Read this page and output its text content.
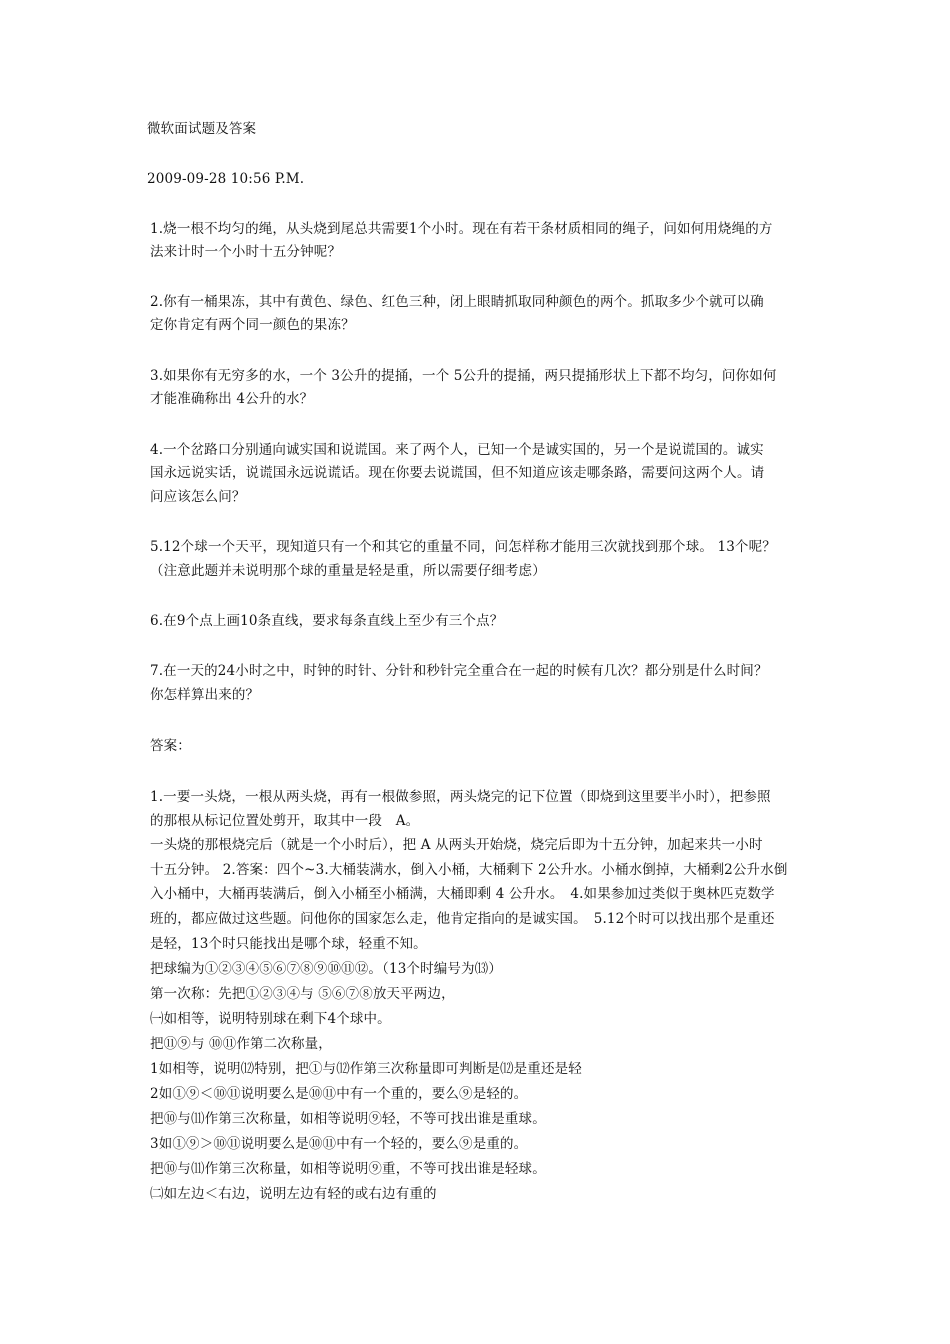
微软面试题及答案
2009-09-28 10:56 P.M.
1.烧一根不均匀的绳，从头烧到尾总共需要1个小时。现在有若干条材质相同的绳子，问如何用烧绳的方
法来计时一个小时十五分钟呢？
2.你有一桶果冻，其中有黄色、绿色、红色三种，闭上眼睛抓取同种颜色的两个。抓取多少个就可以确
定你肯定有两个同一颜色的果冻？
3.如果你有无穷多的水，一个 3公升的提捅，一个 5公升的提捅，两只提捅形状上下都不均匀，问你如何
才能准确称出 4公升的水？
4.一个岔路口分别通向诚实国和说谎国。来了两个人，已知一个是诚实国的，另一个是说谎国的。诚实
国永远说实话，说谎国永远说谎话。现在你要去说谎国，但不知道应该走哪条路，需要问这两个人。请
问应该怎么问？
5.12个球一个天平，现知道只有一个和其它的重量不同，问怎样称才能用三次就找到那个球。 13个呢？
（注意此题并未说明那个球的重量是轻是重，所以需要仔细考虑）
6.在9个点上画10条直线，要求每条直线上至少有三个点？
7.在一天的24小时之中，时钟的时针、分针和秒针完全重合在一起的时候有几次？都分别是什么时间？
你怎样算出来的？
答案：
1.一要一头烧，一根从两头烧，再有一根做参照，两头烧完的记下位置（即烧到这里要半小时），把参照
的那根从标记位置处剪开，取其中一段　A。
一头烧的那根烧完后（就是一个小时后），把 A 从两头开始烧，烧完后即为十五分钟，加起来共一小时
十五分钟。 2.答案：四个~3.大桶装满水，倒入小桶，大桶剩下 2公升水。小桶水倒掉，大桶剩2公升水倒
入小桶中，大桶再装满后，倒入小桶至小桶满，大桶即剩 4 公升水。　4.如果参加过类似于奥林匹克数学
班的，都应做过这些题。问他你的国家怎么走，他肯定指向的是诚实国。　5.12个时可以找出那个是重还
是轻，13个时只能找出是哪个球，轻重不知。
把球编为①②③④⑤⑥⑦⑧⑨⑩⑪⑫。（13个时编号为⒀）
第一次称：先把①②③④与 ⑤⑥⑦⑧放天平两边，
㈠如相等，说明特别球在剩下4个球中。
把⑪⑨与 ⑩⑪作第二次称量，
1如相等，说明⑿特别，把①与⑿作第三次称量即可判断是⑿是重还是轻
2如①⑨＜⑩⑪说明要么是⑩⑪中有一个重的，要么⑨是轻的。
把⑩与⑾作第三次称量，如相等说明⑨轻，不等可找出谁是重球。
3如①⑨＞⑩⑪说明要么是⑩⑪中有一个轻的，要么⑨是重的。
把⑩与⑾作第三次称量，如相等说明⑨重，不等可找出谁是轻球。
㈡如左边＜右边，说明左边有轻的或右边有重的
